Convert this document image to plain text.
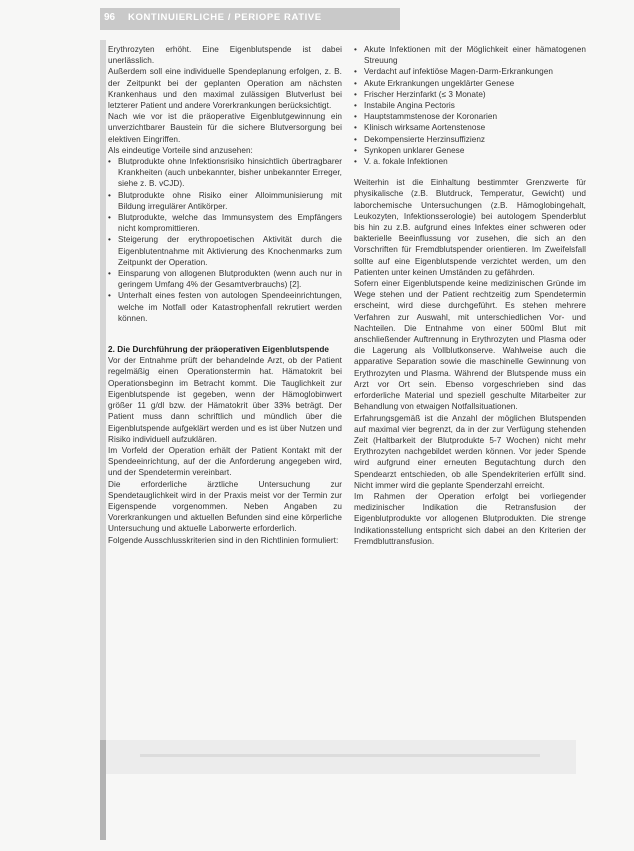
96 KONTINUIERLICHE / PERIOPE RATIVE

Erythrozyten erhöht. Eine Eigenblutspende ist dabei unerlässlich.

Außerdem soll eine individuelle Spendeplanung erfolgen, z. B. der Zeitpunkt bei der geplanten Operation am nächsten Krankenhaus und den maximal zulässigen Blutverlust bei letzterer Patient und andere Vorerkrankungen berücksichtigt.

Nach wie vor ist die präoperative Eigenblutgewinnung ein unverzichtbarer Baustein für die sichere Blutversorgung bei elektiven Eingriffen.

Als eindeutige Vorteile sind anzusehen:

• Blutprodukte ohne Infektionsrisiko hinsichtlich übertragbarer Krankheiten (auch unbekannter, bisher unbekannter Erreger, siehe z. B. vCJD).
• Blutprodukte ohne Risiko einer Alloimmunisierung mit Bildung irregulärer Antikörper.
• Blutprodukte, welche das Immunsystem des Empfängers nicht kompromittieren.
• Steigerung der erythropoetischen Aktivität durch die Eigenblutentnahme mit Aktivierung des Knochenmarks zum Zeitpunkt der Operation.
• Einsparung von allogenen Blutprodukten (wenn auch nur in geringem Umfang 4% der Gesamtverbrauchs) [2].
• Unterhalt eines festen von autologen Spendeeinrichtungen, welche im Notfall oder Katastrophenfall rekrutiert werden können.

2. Die Durchführung der präoperativen Eigenblutspende

Vor der Entnahme prüft der behandelnde Arzt, ob der Patient regelmäßig einen Operationstermin hat. Hämatokrit bei Operationsbeginn im Betracht kommt. Die Tauglichkeit zur Eigenblutspende ist gegeben, wenn der Hämoglobinwert größer 11 g/dl bzw. der Hämatokrit über 33% beträgt. Der Patient muss dann schriftlich und mündlich über die Eigenblutspende aufgeklärt werden und es ist über Nutzen und Risiko individuell aufzuklären.

Im Vorfeld der Operation erhält der Patient Kontakt mit der Spendeeinrichtung, auf der die Anforderung angegeben wird, und der Spendetermin vereinbart.

Die erforderliche ärztliche Untersuchung zur Spendetauglichkeit wird in der Praxis meist vor der Termin zur Eigenspende vorgenommen. Neben Angaben zu Vorerkrankungen und aktuellen Befunden sind eine körperliche Untersuchung und aktuelle Laborwerte erforderlich.

Folgende Ausschlusskriterien sind in den Richtlinien formuliert:

• Akute Infektionen mit der Möglichkeit einer hämatogenen Streuung
• Verdacht auf infektiöse Magen-Darm-Erkrankungen
• Akute Erkrankungen ungeklärter Genese
• Frischer Herzinfarkt (≤ 3 Monate)
• Instabile Angina Pectoris
• Hauptstammstenose der Koronarien
• Klinisch wirksame Aortenstenose
• Dekompensierte Herzinsuffizienz
• Synkopen unklarer Genese
• V. a. fokale Infektionen

Weiterhin ist die Einhaltung bestimmter Grenzwerte für physikalische (z.B. Blutdruck, Temperatur, Gewicht) und laborchemische Untersuchungen (z.B. Hämoglobingehalt, Leukozyten, Infektionsserologie) bei autologem Spenderblut bis hin zu z.B. aufgrund eines Infektes einer schweren oder bakterielle Beeinflussung vor zusehen, die sich an den Vorschriften für Fremdblutspender orientieren. Im Zweifelsfall sollte auf eine Eigenblutspende verzichtet werden, um den Patienten unter keinen Umständen zu gefährden.

Sofern einer Eigenblutspende keine medizinischen Gründe im Wege stehen und der Patient rechtzeitig zum Spendetermin erscheint, wird diese durchgeführt. Es stehen mehrere Verfahren zur Auswahl, mit unterschiedlichen Vor- und Nachteilen. Die Entnahme von einer 500ml Blut mit anschließender Auftrennung in Erythrozyten und Plasma oder die Lagerung als Vollblutkonserve. Wahlweise auch die apparative Separation sowie die maschinelle Gewinnung von Erythrozyten und Plasma. Während der Blutspende muss ein Arzt vor Ort sein. Ebenso vorgeschrieben sind das erforderliche Material und speziell geschulte Mitarbeiter zur Behandlung von etwaigen Notfallsituationen.

Erfahrungsgemäß ist die Anzahl der möglichen Blutspenden auf maximal vier begrenzt, da in der zur Verfügung stehenden Zeit (Haltbarkeit der Blutprodukte 5-7 Wochen) nicht mehr Erythrozyten nachgebildet werden können. Vor jeder Spende wird aufgrund einer erneuten Begutachtung durch den Spendearzt entschieden, ob alle Spendekriterien erfüllt sind. Nicht immer wird die geplante Spenderzahl erreicht.

Im Rahmen der Operation erfolgt bei vorliegender medizinischer Indikation die Retransfusion der Eigenblutprodukte vor allogenen Blutprodukten. Die strenge Indikationsstellung entspricht sich dabei an den Kriterien der Fremdbluttransfusion.
